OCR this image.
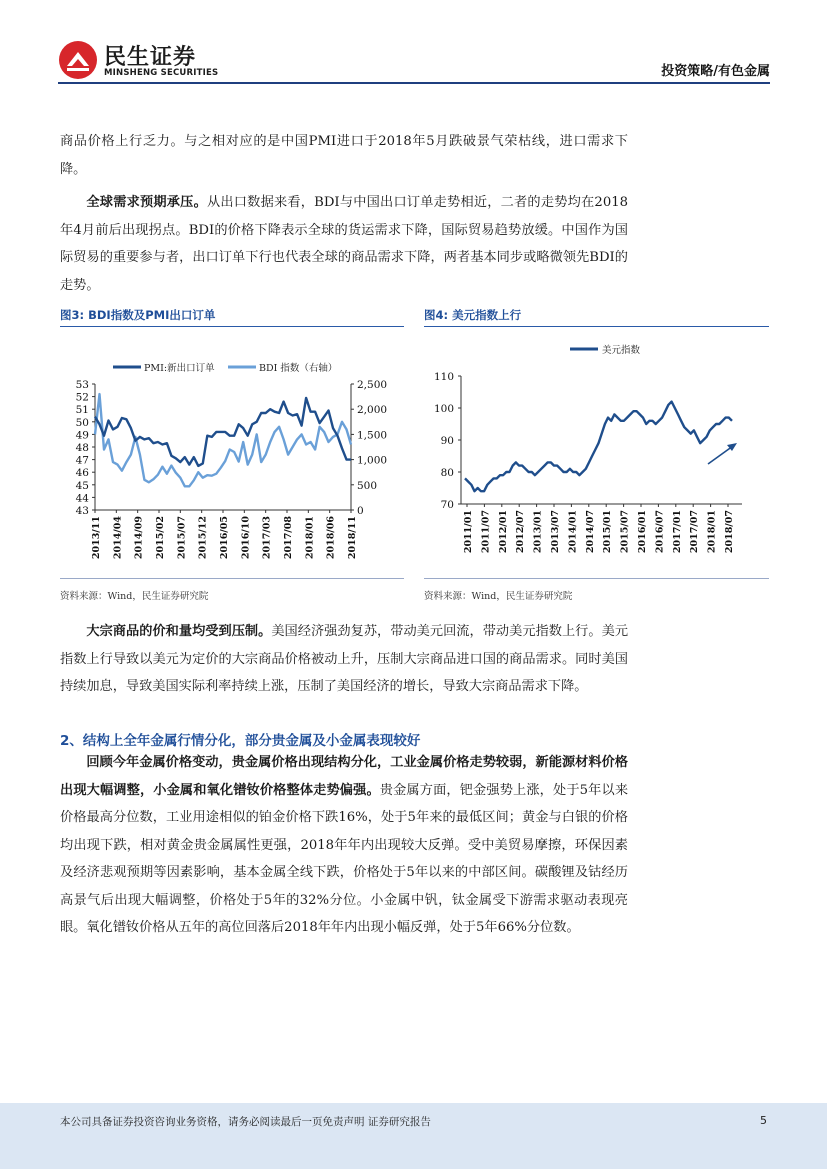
民生证券
MINSHENG SECURITIES	投资策略/有色金属
商品价格上行乏力。与之相对应的是中国PMI进口于2018年5月跌破景气荣枯线，进口需求下降。
全球需求预期承压。从出口数据来看，BDI与中国出口订单走势相近，二者的走势均在2018年4月前后出现拐点。BDI的价格下降表示全球的货运需求下降，国际贸易趋势放缓。中国作为国际贸易的重要参与者，出口订单下行也代表全球的商品需求下降，两者基本同步或略微领先BDI的走势。
图3: BDI指数及PMI出口订单
PMI:新出口订单	BDI 指数（右轴）
53
52
51
50
49
48
47
46
45
44
43
2,500
2,000
1,500
1,000
500
0
2013/11 2014/04 2014/09 2015/02 2015/07 2015/12 2016/05 2016/10 2017/03 2017/08 2018/01 2018/06 2018/11
资料来源：Wind，民生证券研究院
图4: 美元指数上行
美元指数
110
100
90
80
70
2011/01 2011/07 2012/01 2012/07 2013/01 2013/07 2014/01 2014/07 2015/01 2015/07 2016/01 2016/07 2017/01 2017/07 2018/01 2018/07
资料来源：Wind，民生证券研究院
大宗商品的价和量均受到压制。美国经济强劲复苏，带动美元回流，带动美元指数上行。美元指数上行导致以美元为定价的大宗商品价格被动上升，压制大宗商品进口国的商品需求。同时美国持续加息，导致美国实际利率持续上涨，压制了美国经济的增长，导致大宗商品需求下降。
2、结构上全年金属行情分化，部分贵金属及小金属表现较好
回顾今年金属价格变动，贵金属价格出现结构分化，工业金属价格走势较弱，新能源材料价格出现大幅调整，小金属和氧化镨钕价格整体走势偏强。贵金属方面，钯金强势上涨，处于5年以来价格最高分位数，工业用途相似的铂金价格下跌16%，处于5年来的最低区间；黄金与白银的价格均出现下跌，相对黄金贵金属属性更强，2018年年内出现较大反弹。受中美贸易摩擦，环保因素及经济悲观预期等因素影响，基本金属全线下跌，价格处于5年以来的中部区间。碳酸锂及钴经历高景气后出现大幅调整，价格处于5年的32%分位。小金属中钒，钛金属受下游需求驱动表现亮眼。氧化镨钕价格从五年的高位回落后2018年年内出现小幅反弹，处于5年66%分位数。
本公司具备证券投资咨询业务资格，请务必阅读最后一页免责声明 证券研究报告	5
